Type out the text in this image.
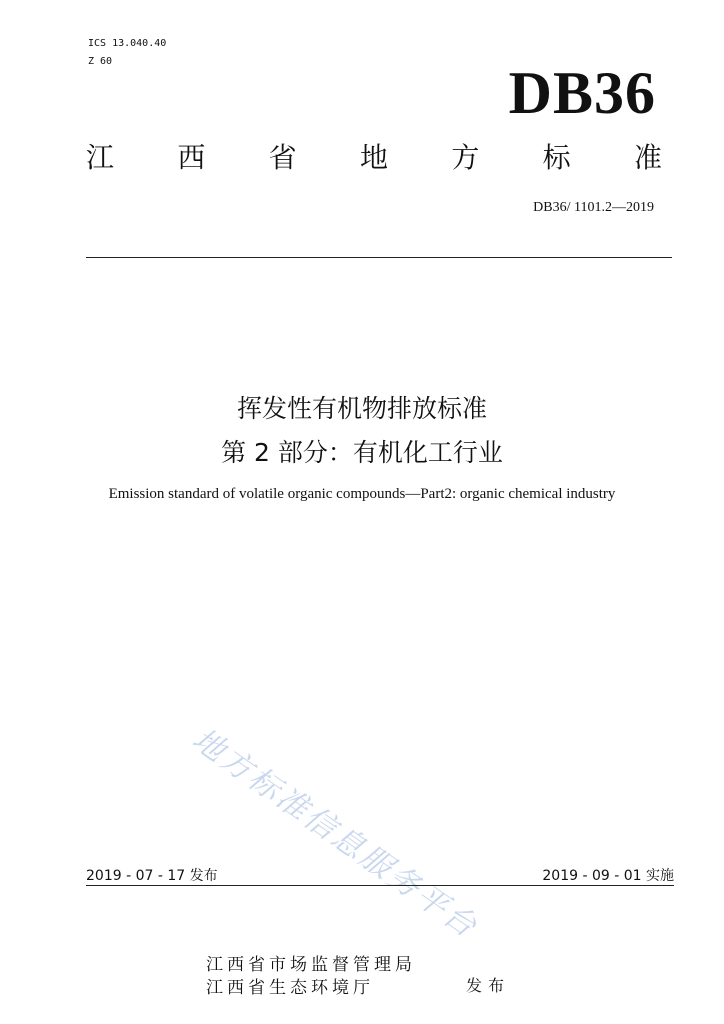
ICS 13.040.40
Z 60	DB36
江 西 省 地 方 标 准
DB36/ 1101.2—2019
挥发性有机物排放标准
第 2 部分：有机化工行业
Emission standard of volatile organic compounds—Part2: organic chemical industry
地方标准信息服务平台
2019 - 07 - 17 发布	2019 - 09 - 01 实施
江西省市场监督管理局
江西省生态环境厅	发布
